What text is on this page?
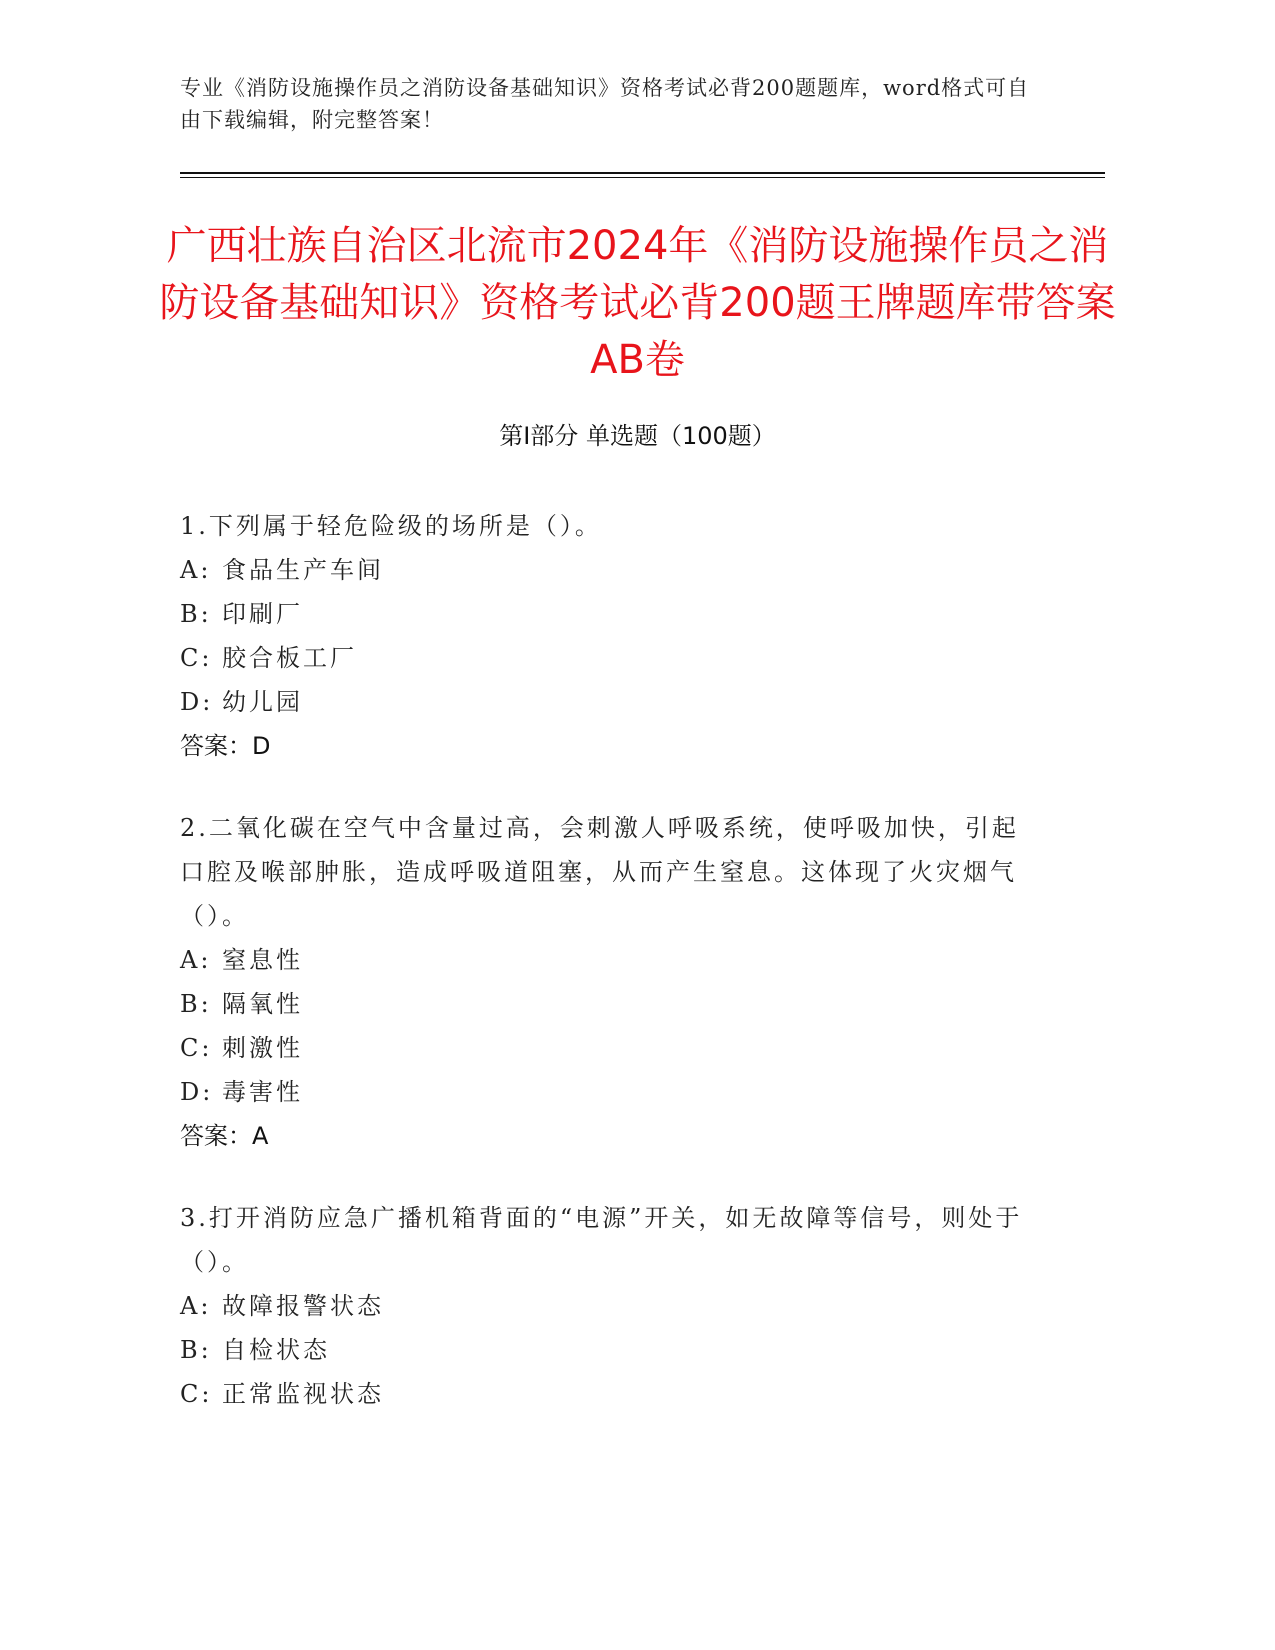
专业《消防设施操作员之消防设备基础知识》资格考试必背200题题库，word格式可自由下载编辑，附完整答案！
广西壮族自治区北流市2024年《消防设施操作员之消防设备基础知识》资格考试必背200题王牌题库带答案AB卷
第Ⅰ部分 单选题（100题）

1.下列属于轻危险级的场所是（）。

A: 食品生产车间
B: 印刷厂
C: 胶合板工厂
D: 幼儿园
答案：D

2.二氧化碳在空气中含量过高，会刺激人呼吸系统，使呼吸加快，引起口腔及喉部肿胀，造成呼吸道阻塞，从而产生窒息。这体现了火灾烟气（）。

A: 窒息性
B: 隔氧性
C: 刺激性
D: 毒害性
答案：A

3.打开消防应急广播机箱背面的“电源”开关，如无故障等信号，则处于（）。

A: 故障报警状态
B: 自检状态
C: 正常监视状态
